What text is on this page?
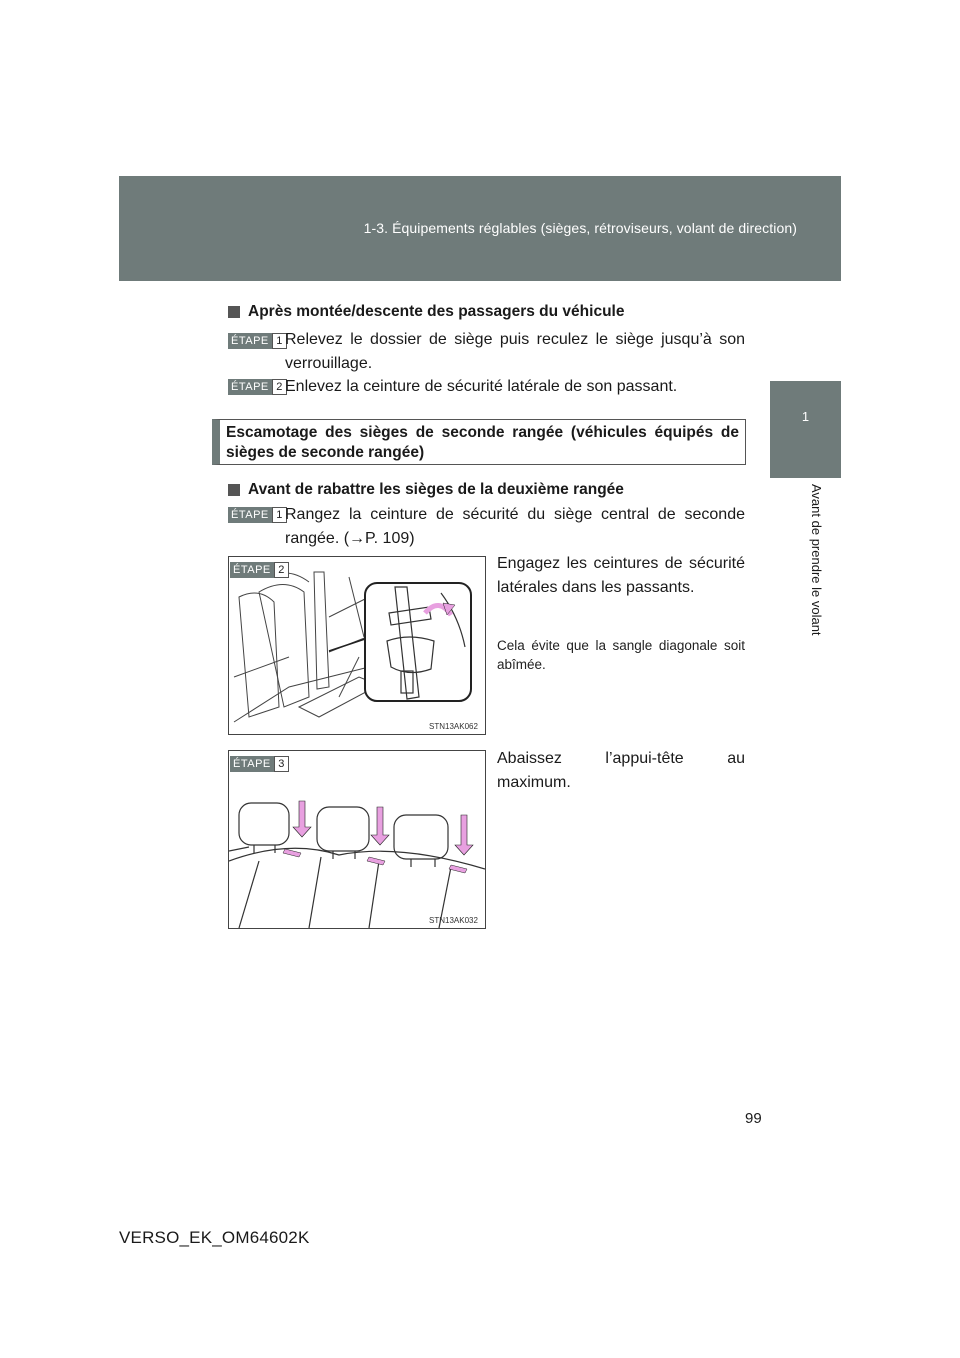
1-3. Équipements réglables (sièges, rétroviseurs, volant de direction)
1
Avant de prendre le volant
Après montée/descente des passagers du véhicule
ÉTAPE 1 Relevez le dossier de siège puis reculez le siège jusqu’à son verrouillage.
ÉTAPE 2 Enlevez la ceinture de sécurité latérale de son passant.
Escamotage des sièges de seconde rangée (véhicules équipés de sièges de seconde rangée)
Avant de rabattre les sièges de la deuxième rangée
ÉTAPE 1 Rangez la ceinture de sécurité du siège central de seconde rangée. (→P. 109)
ÉTAPE 2
STN13AK062
Engagez les ceintures de sécurité latérales dans les passants.
Cela évite que la sangle diagonale soit abîmée.
ÉTAPE 3
STN13AK032
Abaissez l’appui-tête au maximum.
99
VERSO_EK_OM64602K
